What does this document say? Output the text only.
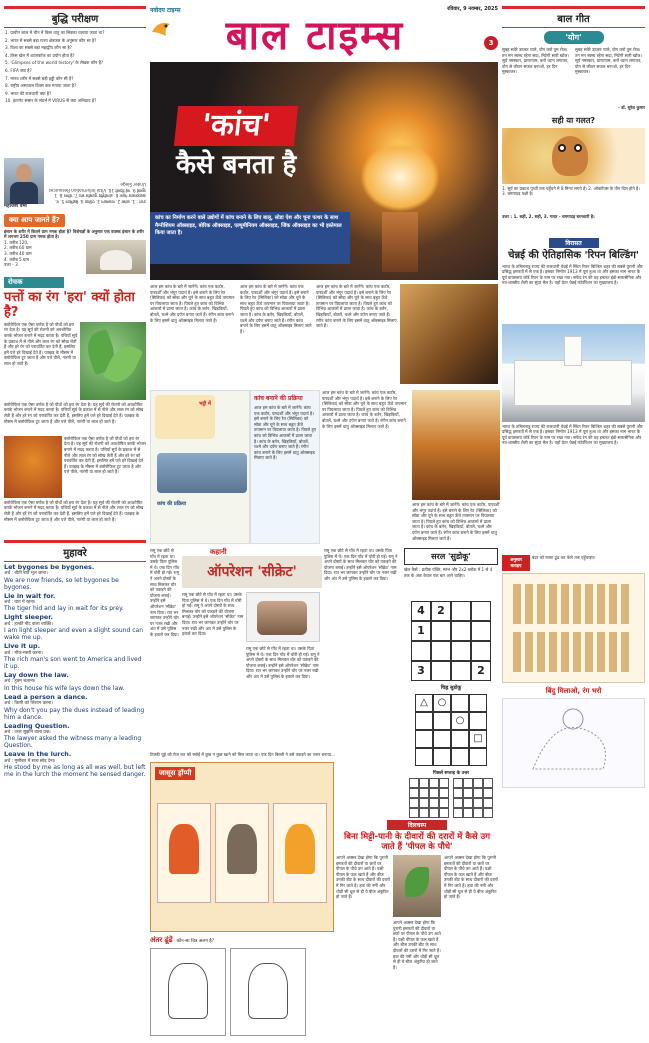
बुद्धि परीक्षण
1. प्राचीन काल में चीन में किस धातु का सिक्का चलाया जाता था?
2. भारत में सबसे बड़ा राज्य क्षेत्रफल के अनुसार कौन सा है?
3. विश्व का सबसे बड़ा महाद्वीप कौन सा है?
4. किस खेल में शटलकॉक का प्रयोग होता है?
5. 'Glimpses of the world history' के लेखक कौन हैं?
6. FIFA क्या है?
7. मानव शरीर में सबसे बड़ी हड्डी कौन सी है?
8. राष्ट्रीय अस्पताल दिवस कब मनाया जाता है?
9. भारत की राजधानी क्या है?
10. इंटरनेट संसार के संदर्भ में VIRUS से क्या अभिप्राय है?
उत्तर : 1. कांसा 2. राजस्थान 3. एशिया 4. बैडमिंटन 5. पं. जवाहरलाल नेहरू 6. अंतर्राष्ट्रीय फुटबॉल संघ 7. फीमर 8. 1 जुलाई 9. नई दिल्ली 10. Vital Information Resources Under Siege
महाजेश वर्मा
क्या आप जानते हैं?
इंसान के शरीर में कितने ग्राम नमक होता है? विशेषज्ञों के अनुसार एक वयस्क इंसान के शरीर में लगभग 250 ग्राम नमक होता है।
1. करीब 120,
2. करीब 60 ग्राम
3. करीब 40 ग्राम
4. करीब 5 ग्राम
उत्तर - 3
रोचक
पत्तों का रंग 'हरा' क्यों होता है?
क्लोरोफिल एक ऐसा वर्णक है जो पौधों को हरा रंग देता है। यह सूर्य की रोशनी को अवशोषित करके भोजन बनाने में मदद करता है। पत्तियाँ सूर्य के प्रकाश में से नीले और लाल रंग को सोख लेती हैं और हरे रंग को परावर्तित कर देती हैं, इसलिए हमें पत्ते हरे दिखाई देते हैं। पतझड़ के मौसम में क्लोरोफिल टूट जाता है और पत्ते पीले, नारंगी या लाल हो जाते हैं।
क्लोरोफिल एक ऐसा वर्णक है जो पौधों को हरा रंग देता है। यह सूर्य की रोशनी को अवशोषित करके भोजन बनाने में मदद करता है। पत्तियाँ सूर्य के प्रकाश में से नीले और लाल रंग को सोख लेती हैं और हरे रंग को परावर्तित कर देती हैं, इसलिए हमें पत्ते हरे दिखाई देते हैं। पतझड़ के मौसम में क्लोरोफिल टूट जाता है और पत्ते पीले, नारंगी या लाल हो जाते हैं।
क्लोरोफिल एक ऐसा वर्णक है जो पौधों को हरा रंग देता है। यह सूर्य की रोशनी को अवशोषित करके भोजन बनाने में मदद करता है। पत्तियाँ सूर्य के प्रकाश में से नीले और लाल रंग को सोख लेती हैं और हरे रंग को परावर्तित कर देती हैं, इसलिए हमें पत्ते हरे दिखाई देते हैं। पतझड़ के मौसम में क्लोरोफिल टूट जाता है और पत्ते पीले, नारंगी या लाल हो जाते हैं।
क्लोरोफिल एक ऐसा वर्णक है जो पौधों को हरा रंग देता है। यह सूर्य की रोशनी को अवशोषित करके भोजन बनाने में मदद करता है। पत्तियाँ सूर्य के प्रकाश में से नीले और लाल रंग को सोख लेती हैं और हरे रंग को परावर्तित कर देती हैं, इसलिए हमें पत्ते हरे दिखाई देते हैं। पतझड़ के मौसम में क्लोरोफिल टूट जाता है और पत्ते पीले, नारंगी या लाल हो जाते हैं।
मुहावरे
Let bygones be bygones.
अर्थ : बीती बातें भूल जाना।
We are now friends, so let bygones be bygones.
Lie in wait for.
अर्थ : घात में रहना।
The tiger hid and lay in wait for its prey.
Light sleeper.
अर्थ : हल्की नींद वाला व्यक्ति।
I am light sleeper and even a slight sound can wake me up.
Live it up.
अर्थ : मौज-मस्ती करना।
The rich man's son went to America and lived it up.
Lay down the law.
अर्थ : हुक्म चलाना।
In this house his wife lays down the law.
Lead a person a dance.
अर्थ : किसी को परेशान करना।
Why don't you pay the dues instead of leading him a dance.
Leading Question.
अर्थ : उत्तर सुझाने वाला प्रश्न।
The lawyer asked the witness many a leading Question.
Leave in the lurch.
अर्थ : मुसीबत में साथ छोड़ देना।
He stood by me as long as all was well, but left me in the lurch the moment he sensed danger.
नवोदय टाइम्स
बाल टाइम्स
रविवार, 9 नवम्बर, 2025
3
'कांच'
कैसे बनता है
कांच का निर्माण करने वाले उद्योगों में कांच बनाने के लिए बालू, सोडा ऐश और चूना पत्थर के साथ मैग्नीशियम ऑक्साइड, बोरिक ऑक्साइड, एल्यूमीनियम ऑक्साइड, जिंक ऑक्साइड का भी इस्तेमाल किया जाता है।
आज हम कांच के बारे में जानेंगे। कांच एक कठोर, पारदर्शी और भंगुर पदार्थ है। इसे बनाने के लिए रेत (सिलिका) को सोडा और चूने के साथ बहुत ऊँचे तापमान पर पिघलाया जाता है। पिघले हुए कांच को विभिन्न आकारों में ढाला जाता है। कांच के बर्तन, खिड़कियाँ, बोतलें, चश्मे और दर्पण बनाए जाते हैं। रंगीन कांच बनाने के लिए इसमें धातु ऑक्साइड मिलाए जाते हैं।
आज हम कांच के बारे में जानेंगे। कांच एक कठोर, पारदर्शी और भंगुर पदार्थ है। इसे बनाने के लिए रेत (सिलिका) को सोडा और चूने के साथ बहुत ऊँचे तापमान पर पिघलाया जाता है। पिघले हुए कांच को विभिन्न आकारों में ढाला जाता है। कांच के बर्तन, खिड़कियाँ, बोतलें, चश्मे और दर्पण बनाए जाते हैं। रंगीन कांच बनाने के लिए इसमें धातु ऑक्साइड मिलाए जाते हैं।
आज हम कांच के बारे में जानेंगे। कांच एक कठोर, पारदर्शी और भंगुर पदार्थ है। इसे बनाने के लिए रेत (सिलिका) को सोडा और चूने के साथ बहुत ऊँचे तापमान पर पिघलाया जाता है। पिघले हुए कांच को विभिन्न आकारों में ढाला जाता है। कांच के बर्तन, खिड़कियाँ, बोतलें, चश्मे और दर्पण बनाए जाते हैं। रंगीन कांच बनाने के लिए इसमें धातु ऑक्साइड मिलाए जाते हैं।
भट्ठी में
कांच की प्रक्रिया
कांच बनाने की प्रक्रिया
आज हम कांच के बारे में जानेंगे। कांच एक कठोर, पारदर्शी और भंगुर पदार्थ है। इसे बनाने के लिए रेत (सिलिका) को सोडा और चूने के साथ बहुत ऊँचे तापमान पर पिघलाया जाता है। पिघले हुए कांच को विभिन्न आकारों में ढाला जाता है। कांच के बर्तन, खिड़कियाँ, बोतलें, चश्मे और दर्पण बनाए जाते हैं। रंगीन कांच बनाने के लिए इसमें धातु ऑक्साइड मिलाए जाते हैं।
आज हम कांच के बारे में जानेंगे। कांच एक कठोर, पारदर्शी और भंगुर पदार्थ है। इसे बनाने के लिए रेत (सिलिका) को सोडा और चूने के साथ बहुत ऊँचे तापमान पर पिघलाया जाता है। पिघले हुए कांच को विभिन्न आकारों में ढाला जाता है। कांच के बर्तन, खिड़कियाँ, बोतलें, चश्मे और दर्पण बनाए जाते हैं। रंगीन कांच बनाने के लिए इसमें धातु ऑक्साइड मिलाए जाते हैं।
आज हम कांच के बारे में जानेंगे। कांच एक कठोर, पारदर्शी और भंगुर पदार्थ है। इसे बनाने के लिए रेत (सिलिका) को सोडा और चूने के साथ बहुत ऊँचे तापमान पर पिघलाया जाता है। पिघले हुए कांच को विभिन्न आकारों में ढाला जाता है। कांच के बर्तन, खिड़कियाँ, बोतलें, चश्मे और दर्पण बनाए जाते हैं। रंगीन कांच बनाने के लिए इसमें धातु ऑक्साइड मिलाए जाते हैं।
कहानी
ऑपरेशन 'सीक्रेट'
रामू एक छोटे से गाँव में रहता था। उसके पिता पुलिस में थे। एक दिन गाँव में चोरी हो गई। रामू ने अपने दोस्तों के साथ मिलकर चोर को पकड़ने की योजना बनाई। उन्होंने इसे ऑपरेशन 'सीक्रेट' नाम दिया। रात भर जागकर उन्होंने चोर पर नजर रखी और अंत में उसे पुलिस के हवाले कर दिया।
रामू एक छोटे से गाँव में रहता था। उसके पिता पुलिस में थे। एक दिन गाँव में चोरी हो गई। रामू ने अपने दोस्तों के साथ मिलकर चोर को पकड़ने की योजना बनाई। उन्होंने इसे ऑपरेशन 'सीक्रेट' नाम दिया। रात भर जागकर उन्होंने चोर पर नजर रखी और अंत में उसे पुलिस के हवाले कर दिया।
रामू एक छोटे से गाँव में रहता था। उसके पिता पुलिस में थे। एक दिन गाँव में चोरी हो गई। रामू ने अपने दोस्तों के साथ मिलकर चोर को पकड़ने की योजना बनाई। उन्होंने इसे ऑपरेशन 'सीक्रेट' नाम दिया। रात भर जागकर उन्होंने चोर पर नजर रखी और अंत में उसे पुलिस के हवाले कर दिया।
रामू एक छोटे से गाँव में रहता था। उसके पिता पुलिस में थे। एक दिन गाँव में चोरी हो गई। रामू ने अपने दोस्तों के साथ मिलकर चोर को पकड़ने की योजना बनाई। उन्होंने इसे ऑपरेशन 'सीक्रेट' नाम दिया। रात भर जागकर उन्होंने चोर पर नजर रखी और अंत में उसे पुलिस के हवाले कर दिया।
सरल 'सुडोकू'
खेल कैसे : प्रत्येक पंक्ति, स्तंभ और 2x2 ब्लॉक में 1 से 4 तक के अंक केवल एक बार आने चाहिए।
4	2
1
3	2
चिह्न सुडोकू
△ ○
○
□
पिछले सप्ताह के उत्तर
टिक्की चूहे को रोज रात को रसोई में कुछ न कुछ खाने को मिल जाता था। एक दिन बिल्ली ने उसे पकड़ने का प्लान बनाया...
जासूस ड्रॉप्पी
अंतर ढूंढें कौन-सा चित्र अलग है?
दिलचस्प
बिना मिट्टी-पानी के दीवारों की दरारों में कैसे उग जाते हैं 'पीपल के पौधे'
आपने अक्सर देखा होगा कि पुरानी इमारतों की दीवारों या छतों पर पीपल के पौधे उग आते हैं। पक्षी पीपल के फल खाते हैं और बीज उनकी बीट के साथ दीवारों की दरारों में गिर जाते हैं। हवा की नमी और थोड़ी सी धूल से ही ये बीज अंकुरित हो जाते हैं।
आपने अक्सर देखा होगा कि पुरानी इमारतों की दीवारों या छतों पर पीपल के पौधे उग आते हैं। पक्षी पीपल के फल खाते हैं और बीज उनकी बीट के साथ दीवारों की दरारों में गिर जाते हैं। हवा की नमी और थोड़ी सी धूल से ही ये बीज अंकुरित हो जाते हैं।
आपने अक्सर देखा होगा कि पुरानी इमारतों की दीवारों या छतों पर पीपल के पौधे उग आते हैं। पक्षी पीपल के फल खाते हैं और बीज उनकी बीट के साथ दीवारों की दरारों में गिर जाते हैं। हवा की नमी और थोड़ी सी धूल से ही ये बीज अंकुरित हो जाते हैं।
बाल गीत
'योग'
सुबह सवेरे उठकर प्यारे, योग करो तुम रोज। तन मन स्वस्थ रहेगा सदा, मिटेगी सारी खोज। सूर्य नमस्कार, प्राणायाम, करो ध्यान लगाकर, योग से जीवन सफल बनाओ, हर दिन मुस्काकर।
सुबह सवेरे उठकर प्यारे, योग करो तुम रोज। तन मन स्वस्थ रहेगा सदा, मिटेगी सारी खोज। सूर्य नमस्कार, प्राणायाम, करो ध्यान लगाकर, योग से जीवन सफल बनाओ, हर दिन मुस्काकर।
– डॉ. सुरेश कुमार
सही या गलत?
1. सूर्य का प्रकाश पृथ्वी तक पहुँचने में 8 मिनट लगते हैं। 2. ऑक्टोपस के तीन दिल होते हैं। 3. चमगादड़ पक्षी है।
उत्तर : 1. सही, 2. सही, 3. गलत - चमगादड़ स्तनधारी है।
विरासत
चेन्नई की ऐतिहासिक 'रिपन बिल्डिंग'
भारत के तमिलनाडु राज्य की राजधानी चेन्नई में स्थित रिपन बिल्डिंग शहर की सबसे पुरानी और प्रसिद्ध इमारतों में से एक है। इसका निर्माण 1913 में पूरा हुआ था और इसका नाम भारत के पूर्व वायसराय लॉर्ड रिपन के नाम पर रखा गया। सफेद रंग की यह इमारत इंडो-सारासेनिक और नव-शास्त्रीय शैली का सुंदर मेल है। यहाँ ग्रेटर चेन्नई कॉर्पोरेशन का मुख्यालय है।
भारत के तमिलनाडु राज्य की राजधानी चेन्नई में स्थित रिपन बिल्डिंग शहर की सबसे पुरानी और प्रसिद्ध इमारतों में से एक है। इसका निर्माण 1913 में पूरा हुआ था और इसका नाम भारत के पूर्व वायसराय लॉर्ड रिपन के नाम पर रखा गया। सफेद रंग की यह इमारत इंडो-सारासेनिक और नव-शास्त्रीय शैली का सुंदर मेल है। यहाँ ग्रेटर चेन्नई कॉर्पोरेशन का मुख्यालय है।
अनुसार बताइए
बंदर को रास्ता ढूंढ कर केले तक पहुँचाइए।
बिंदु मिलाओ, रंग भरो
